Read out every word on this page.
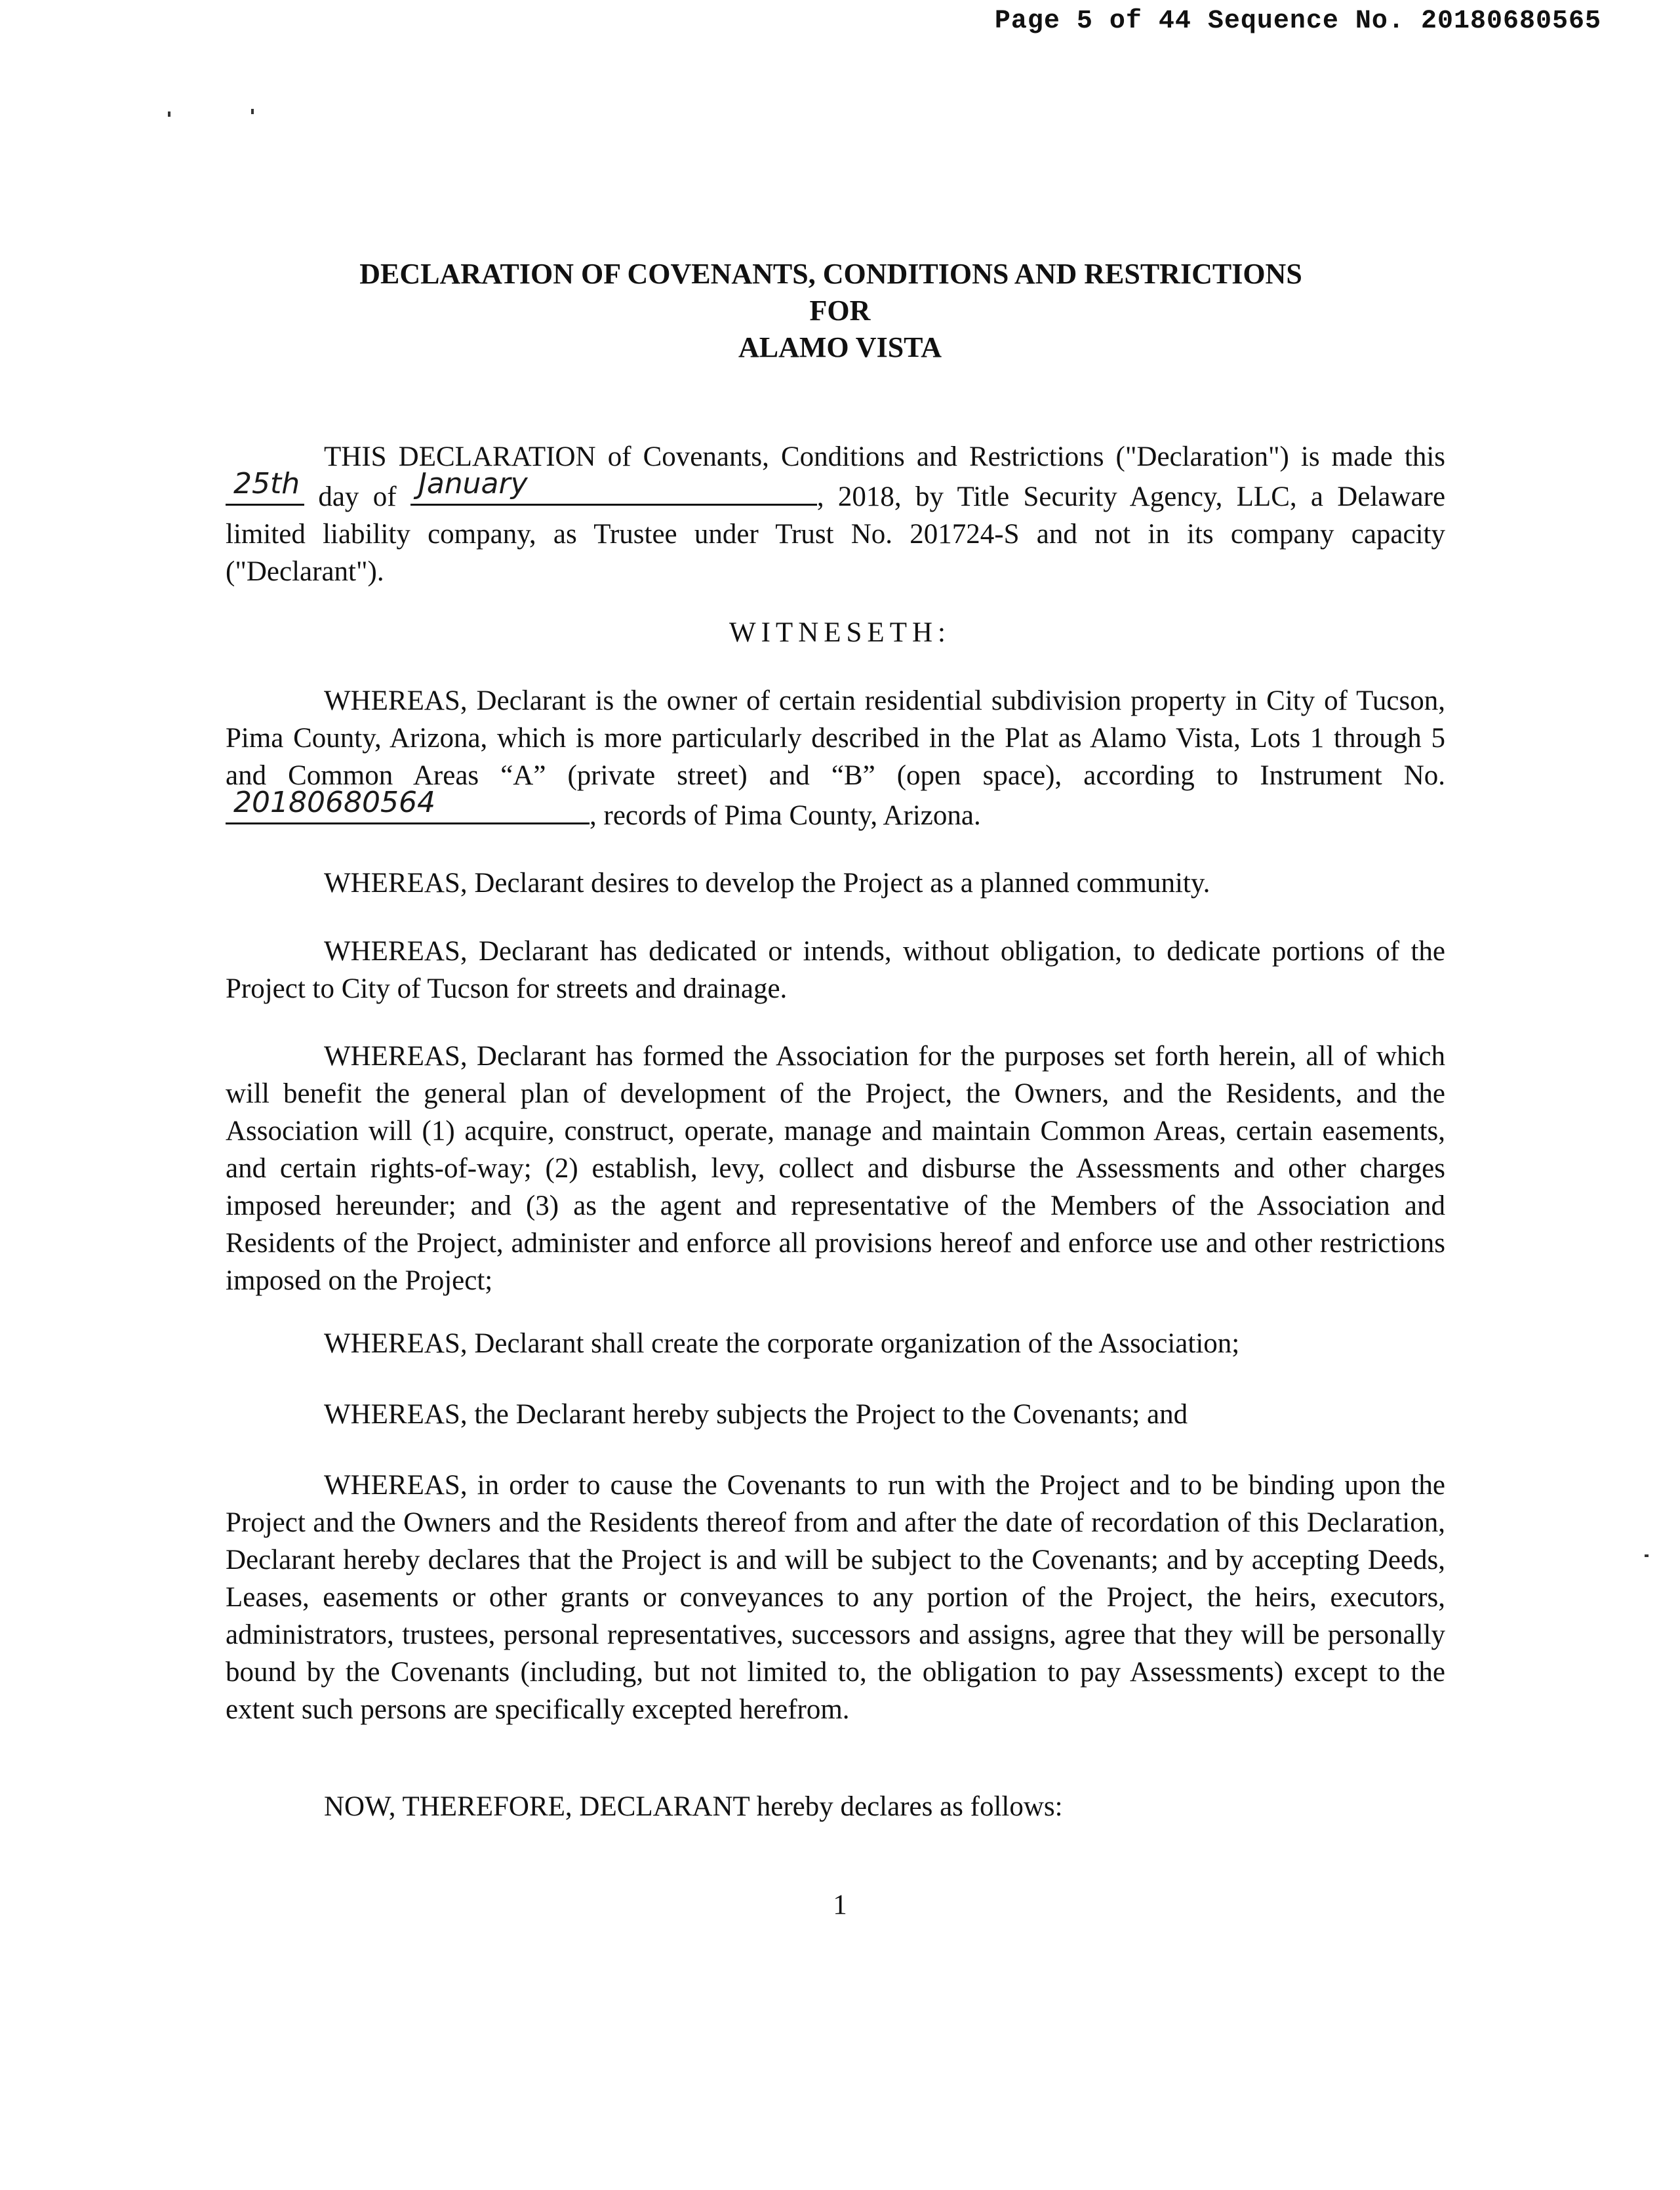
Page 5 of 44 Sequence No. 20180680565
DECLARATION OF COVENANTS, CONDITIONS AND RESTRICTIONS
FOR
ALAMO VISTA
THIS DECLARATION of Covenants, Conditions and Restrictions ("Declaration") is made this
25th day of January	, 2018, by Title Security Agency, LLC, a Delaware limited liability company, as Trustee under Trust No. 201724-S and not in its company capacity ("Declarant").
WITNESETH:
WHEREAS, Declarant is the owner of certain residential subdivision property in City of Tucson, Pima County, Arizona, which is more particularly described in the Plat as Alamo Vista, Lots 1 through 5 and Common Areas “A” (private street) and “B” (open space), according to Instrument No.
20180680564	, records of Pima County, Arizona.
WHEREAS, Declarant desires to develop the Project as a planned community.
WHEREAS, Declarant has dedicated or intends, without obligation, to dedicate portions of the Project to City of Tucson for streets and drainage.
WHEREAS, Declarant has formed the Association for the purposes set forth herein, all of which will benefit the general plan of development of the Project, the Owners, and the Residents, and the Association will (1) acquire, construct, operate, manage and maintain Common Areas, certain easements, and certain rights-of-way; (2) establish, levy, collect and disburse the Assessments and other charges imposed hereunder; and (3) as the agent and representative of the Members of the Association and Residents of the Project, administer and enforce all provisions hereof and enforce use and other restrictions imposed on the Project;
WHEREAS, Declarant shall create the corporate organization of the Association;
WHEREAS, the Declarant hereby subjects the Project to the Covenants; and
WHEREAS, in order to cause the Covenants to run with the Project and to be binding upon the Project and the Owners and the Residents thereof from and after the date of recordation of this Declaration, Declarant hereby declares that the Project is and will be subject to the Covenants; and by accepting Deeds, Leases, easements or other grants or conveyances to any portion of the Project, the heirs, executors, administrators, trustees, personal representatives, successors and assigns, agree that they will be personally bound by the Covenants (including, but not limited to, the obligation to pay Assessments) except to the extent such persons are specifically excepted herefrom.
NOW, THEREFORE, DECLARANT hereby declares as follows:
1
